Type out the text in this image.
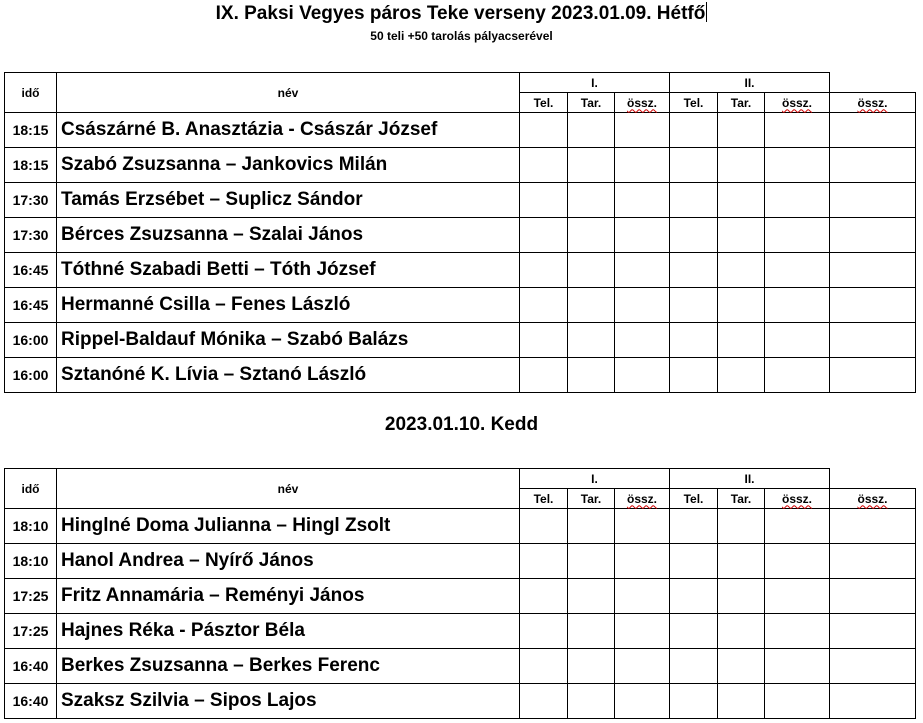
IX. Paksi Vegyes páros Teke verseny 2023.01.09. Hétfő
50 teli +50 tarolás pályacserével
idő	név	I.			II.			
		Tel.	Tar.	össz.	Tel.	Tar.	össz.	össz.
18:15	Császárné B. Anasztázia - Császár József							
18:15	Szabó Zsuzsanna – Jankovics Milán							
17:30	Tamás Erzsébet – Suplicz Sándor							
17:30	Bérces Zsuzsanna – Szalai János							
16:45	Tóthné Szabadi Betti – Tóth József							
16:45	Hermanné Csilla – Fenes László							
16:00	Rippel-Baldauf Mónika – Szabó Balázs							
16:00	Sztanóné K. Lívia – Sztanó László							
2023.01.10. Kedd
idő	név	I.			II.			
		Tel.	Tar.	össz.	Tel.	Tar.	össz.	össz.
18:10	Hinglné Doma Julianna – Hingl Zsolt							
18:10	Hanol Andrea – Nyírő János							
17:25	Fritz Annamária – Reményi János							
17:25	Hajnes Réka - Pásztor Béla							
16:40	Berkes Zsuzsanna – Berkes Ferenc							
16:40	Szaksz Szilvia – Sipos Lajos							
